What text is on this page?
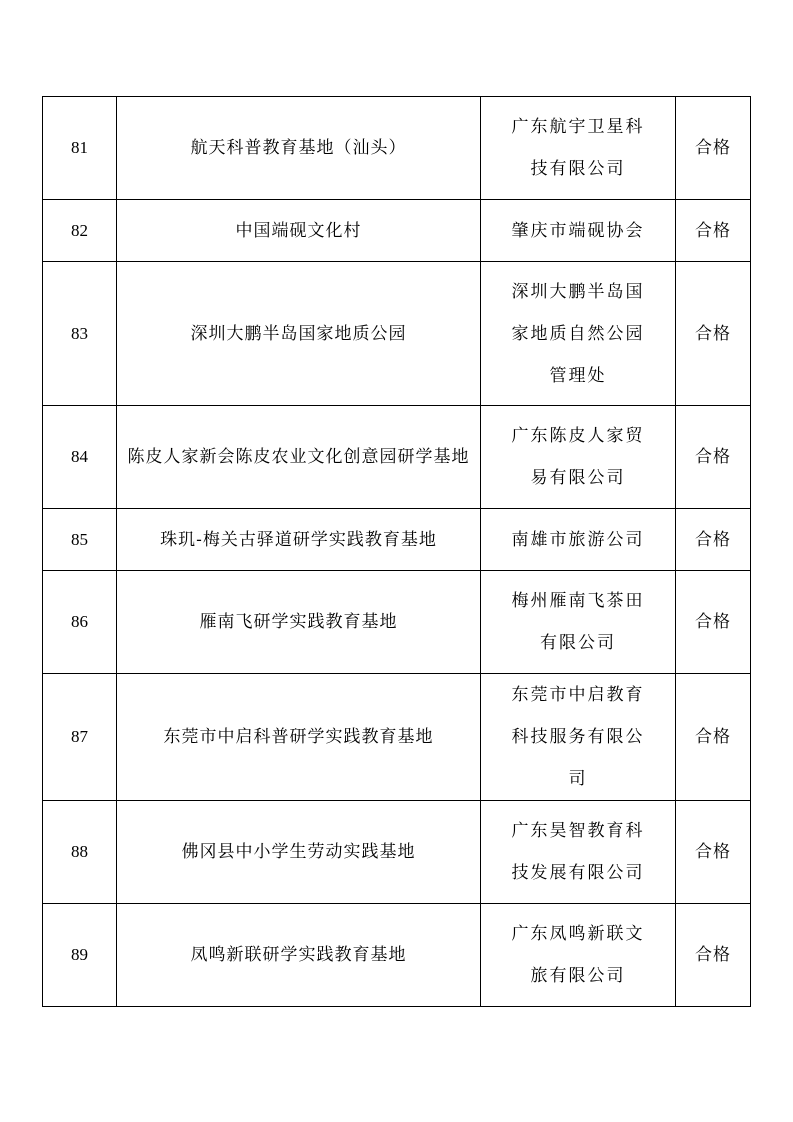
81	航天科普教育基地（汕头）	广东航宇卫星科技有限公司	合格
82	中国端砚文化村	肇庆市端砚协会	合格
83	深圳大鹏半岛国家地质公园	深圳大鹏半岛国家地质自然公园管理处	合格
84	陈皮人家新会陈皮农业文化创意园研学基地	广东陈皮人家贸易有限公司	合格
85	珠玑-梅关古驿道研学实践教育基地	南雄市旅游公司	合格
86	雁南飞研学实践教育基地	梅州雁南飞茶田有限公司	合格
87	东莞市中启科普研学实践教育基地	东莞市中启教育科技服务有限公司	合格
88	佛冈县中小学生劳动实践基地	广东昊智教育科技发展有限公司	合格
89	凤鸣新联研学实践教育基地	广东凤鸣新联文旅有限公司	合格
